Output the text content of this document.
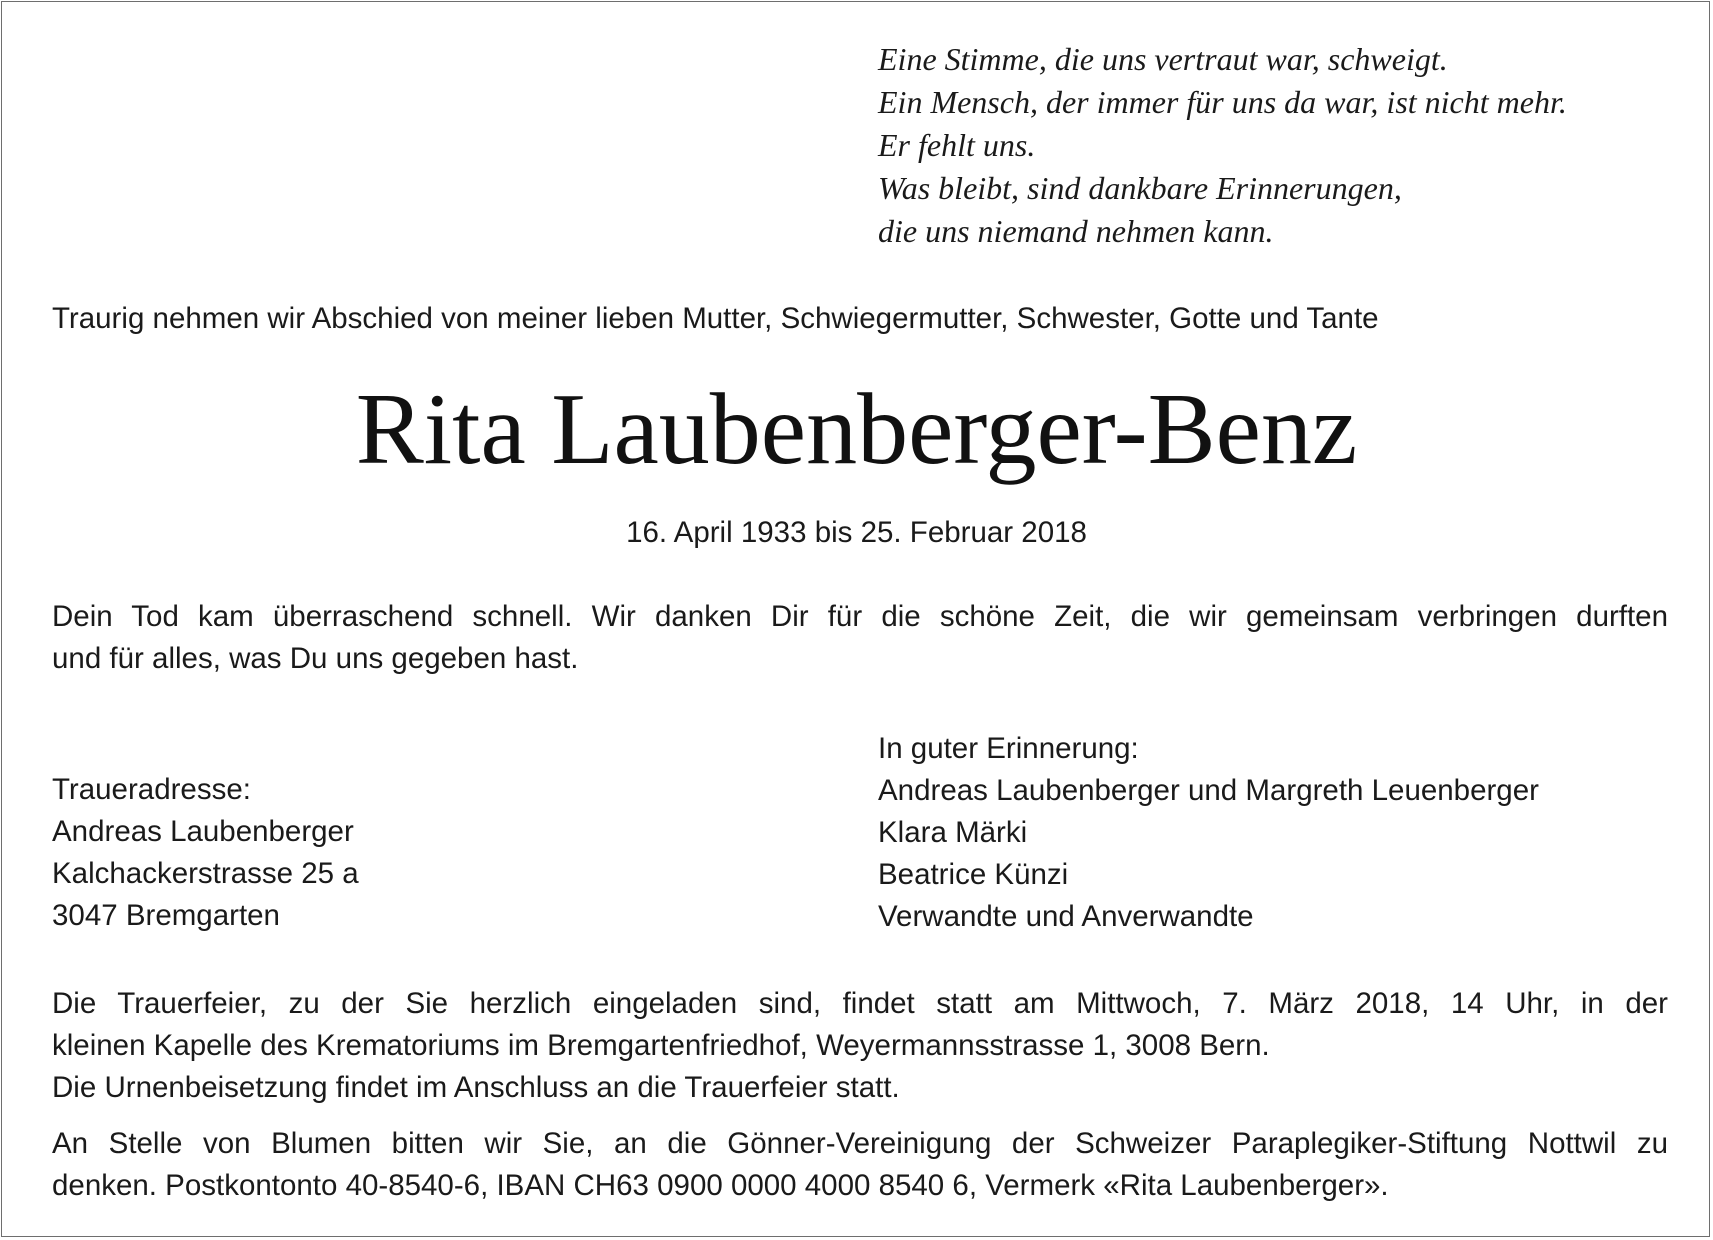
Eine Stimme, die uns vertraut war, schweigt.
Ein Mensch, der immer für uns da war, ist nicht mehr.
Er fehlt uns.
Was bleibt, sind dankbare Erinnerungen,
die uns niemand nehmen kann.
Traurig nehmen wir Abschied von meiner lieben Mutter, Schwiegermutter, Schwester, Gotte und Tante
Rita Laubenberger-Benz
16. April 1933 bis 25. Februar 2018
Dein Tod kam überraschend schnell. Wir danken Dir für die schöne Zeit, die wir gemeinsam verbringen durften
und für alles, was Du uns gegeben hast.
Traueradresse:
Andreas Laubenberger
Kalchackerstrasse 25 a
3047 Bremgarten
In guter Erinnerung:
Andreas Laubenberger und Margreth Leuenberger
Klara Märki
Beatrice Künzi
Verwandte und Anverwandte
Die Trauerfeier, zu der Sie herzlich eingeladen sind, findet statt am Mittwoch, 7. März 2018, 14 Uhr, in der
kleinen Kapelle des Krematoriums im Bremgartenfriedhof, Weyermannsstrasse 1, 3008 Bern.
Die Urnenbeisetzung findet im Anschluss an die Trauerfeier statt.
An Stelle von Blumen bitten wir Sie, an die Gönner-Vereinigung der Schweizer Paraplegiker-Stiftung Nottwil zu
denken. Postkontonto 40-8540-6, IBAN CH63 0900 0000 4000 8540 6, Vermerk «Rita Laubenberger».
